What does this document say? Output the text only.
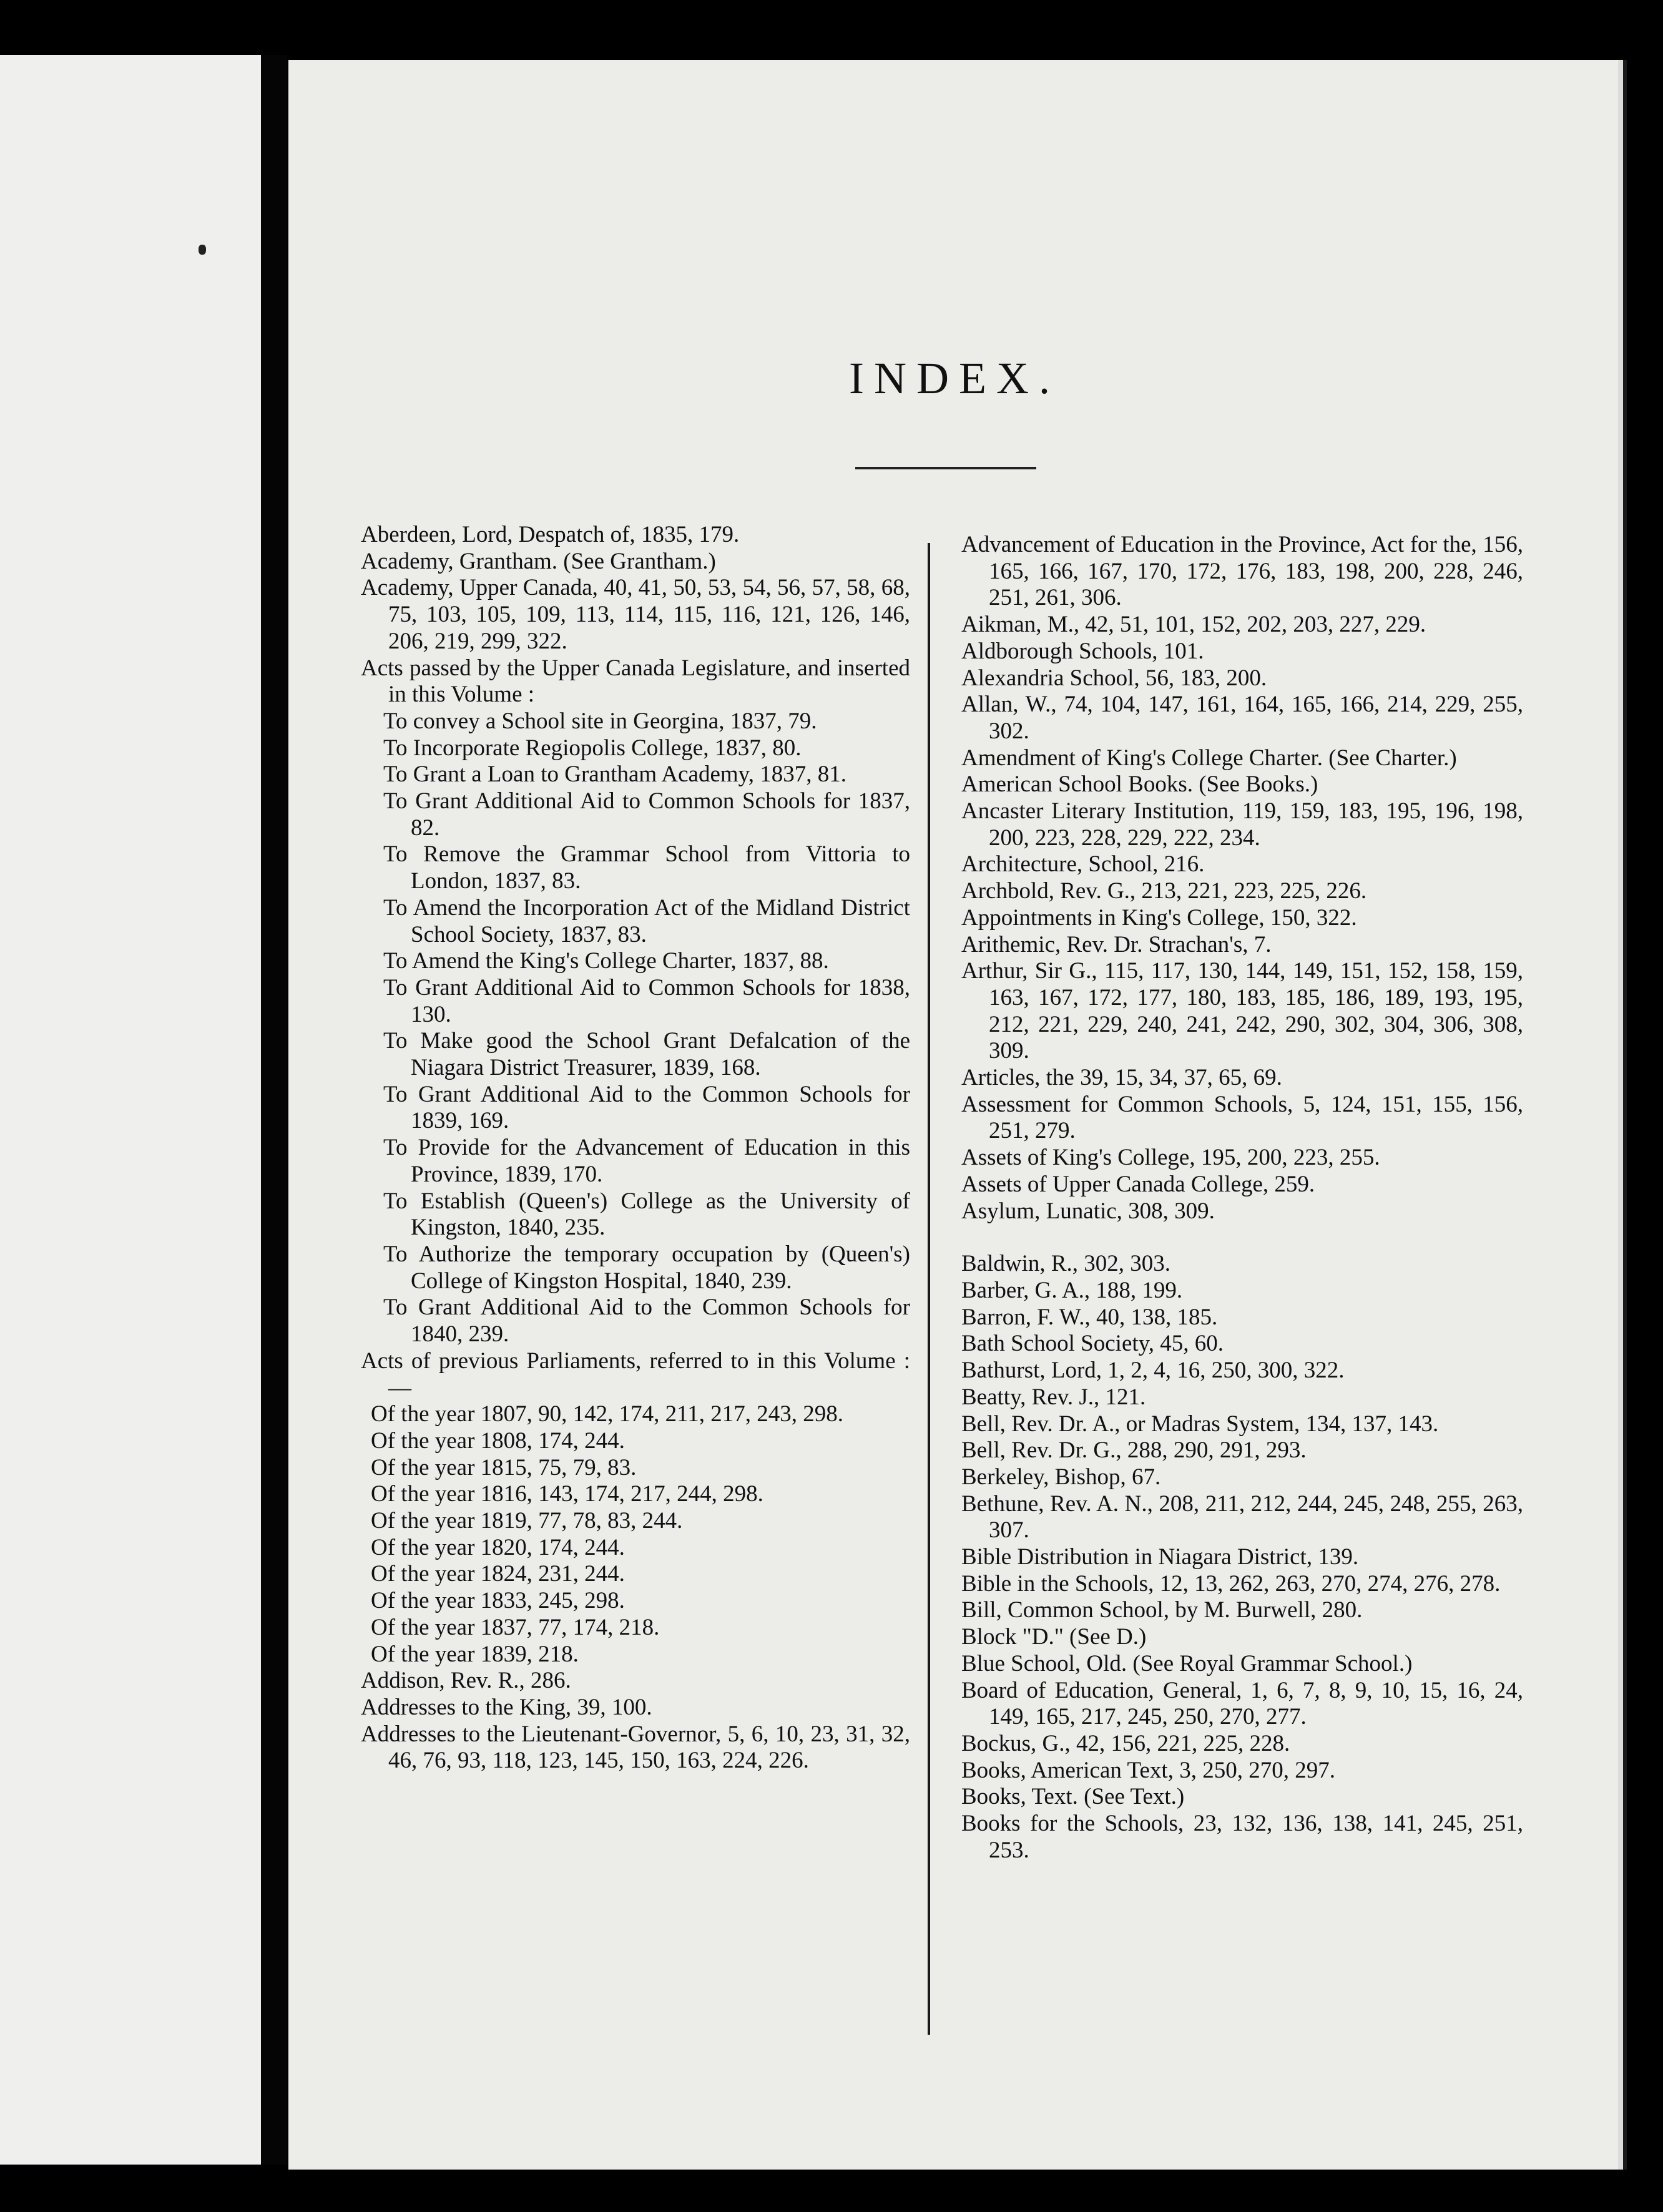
INDEX.
Aberdeen, Lord, Despatch of, 1835, 179.
Academy, Grantham. (See Grantham.)
Academy, Upper Canada, 40, 41, 50, 53, 54, 56, 57, 58, 68, 75, 103, 105, 109, 113, 114, 115, 116, 121, 126, 146, 206, 219, 299, 322.
Acts passed by the Upper Canada Legislature, and inserted in this Volume :
To convey a School site in Georgina, 1837, 79.
To Incorporate Regiopolis College, 1837, 80.
To Grant a Loan to Grantham Academy, 1837, 81.
To Grant Additional Aid to Common Schools for 1837, 82.
To Remove the Grammar School from Vittoria to London, 1837, 83.
To Amend the Incorporation Act of the Midland District School Society, 1837, 83.
To Amend the King's College Charter, 1837, 88.
To Grant Additional Aid to Common Schools for 1838, 130.
To Make good the School Grant Defalcation of the Niagara District Treasurer, 1839, 168.
To Grant Additional Aid to the Common Schools for 1839, 169.
To Provide for the Advancement of Education in this Province, 1839, 170.
To Establish (Queen's) College as the University of Kingston, 1840, 235.
To Authorize the temporary occupation by (Queen's) College of Kingston Hospital, 1840, 239.
To Grant Additional Aid to the Common Schools for 1840, 239.
Acts of previous Parliaments, referred to in this Volume :—
Of the year 1807, 90, 142, 174, 211, 217, 243, 298.
Of the year 1808, 174, 244.
Of the year 1815, 75, 79, 83.
Of the year 1816, 143, 174, 217, 244, 298.
Of the year 1819, 77, 78, 83, 244.
Of the year 1820, 174, 244.
Of the year 1824, 231, 244.
Of the year 1833, 245, 298.
Of the year 1837, 77, 174, 218.
Of the year 1839, 218.
Addison, Rev. R., 286.
Addresses to the King, 39, 100.
Addresses to the Lieutenant-Governor, 5, 6, 10, 23, 31, 32, 46, 76, 93, 118, 123, 145, 150, 163, 224, 226.
Advancement of Education in the Province, Act for the, 156, 165, 166, 167, 170, 172, 176, 183, 198, 200, 228, 246, 251, 261, 306.
Aikman, M., 42, 51, 101, 152, 202, 203, 227, 229.
Aldborough Schools, 101.
Alexandria School, 56, 183, 200.
Allan, W., 74, 104, 147, 161, 164, 165, 166, 214, 229, 255, 302.
Amendment of King's College Charter. (See Charter.)
American School Books. (See Books.)
Ancaster Literary Institution, 119, 159, 183, 195, 196, 198, 200, 223, 228, 229, 222, 234.
Architecture, School, 216.
Archbold, Rev. G., 213, 221, 223, 225, 226.
Appointments in King's College, 150, 322.
Arithemic, Rev. Dr. Strachan's, 7.
Arthur, Sir G., 115, 117, 130, 144, 149, 151, 152, 158, 159, 163, 167, 172, 177, 180, 183, 185, 186, 189, 193, 195, 212, 221, 229, 240, 241, 242, 290, 302, 304, 306, 308, 309.
Articles, the 39, 15, 34, 37, 65, 69.
Assessment for Common Schools, 5, 124, 151, 155, 156, 251, 279.
Assets of King's College, 195, 200, 223, 255.
Assets of Upper Canada College, 259.
Asylum, Lunatic, 308, 309.
Baldwin, R., 302, 303.
Barber, G. A., 188, 199.
Barron, F. W., 40, 138, 185.
Bath School Society, 45, 60.
Bathurst, Lord, 1, 2, 4, 16, 250, 300, 322.
Beatty, Rev. J., 121.
Bell, Rev. Dr. A., or Madras System, 134, 137, 143.
Bell, Rev. Dr. G., 288, 290, 291, 293.
Berkeley, Bishop, 67.
Bethune, Rev. A. N., 208, 211, 212, 244, 245, 248, 255, 263, 307.
Bible Distribution in Niagara District, 139.
Bible in the Schools, 12, 13, 262, 263, 270, 274, 276, 278.
Bill, Common School, by M. Burwell, 280.
Block "D." (See D.)
Blue School, Old. (See Royal Grammar School.)
Board of Education, General, 1, 6, 7, 8, 9, 10, 15, 16, 24, 149, 165, 217, 245, 250, 270, 277.
Bockus, G., 42, 156, 221, 225, 228.
Books, American Text, 3, 250, 270, 297.
Books, Text. (See Text.)
Books for the Schools, 23, 132, 136, 138, 141, 245, 251, 253.
